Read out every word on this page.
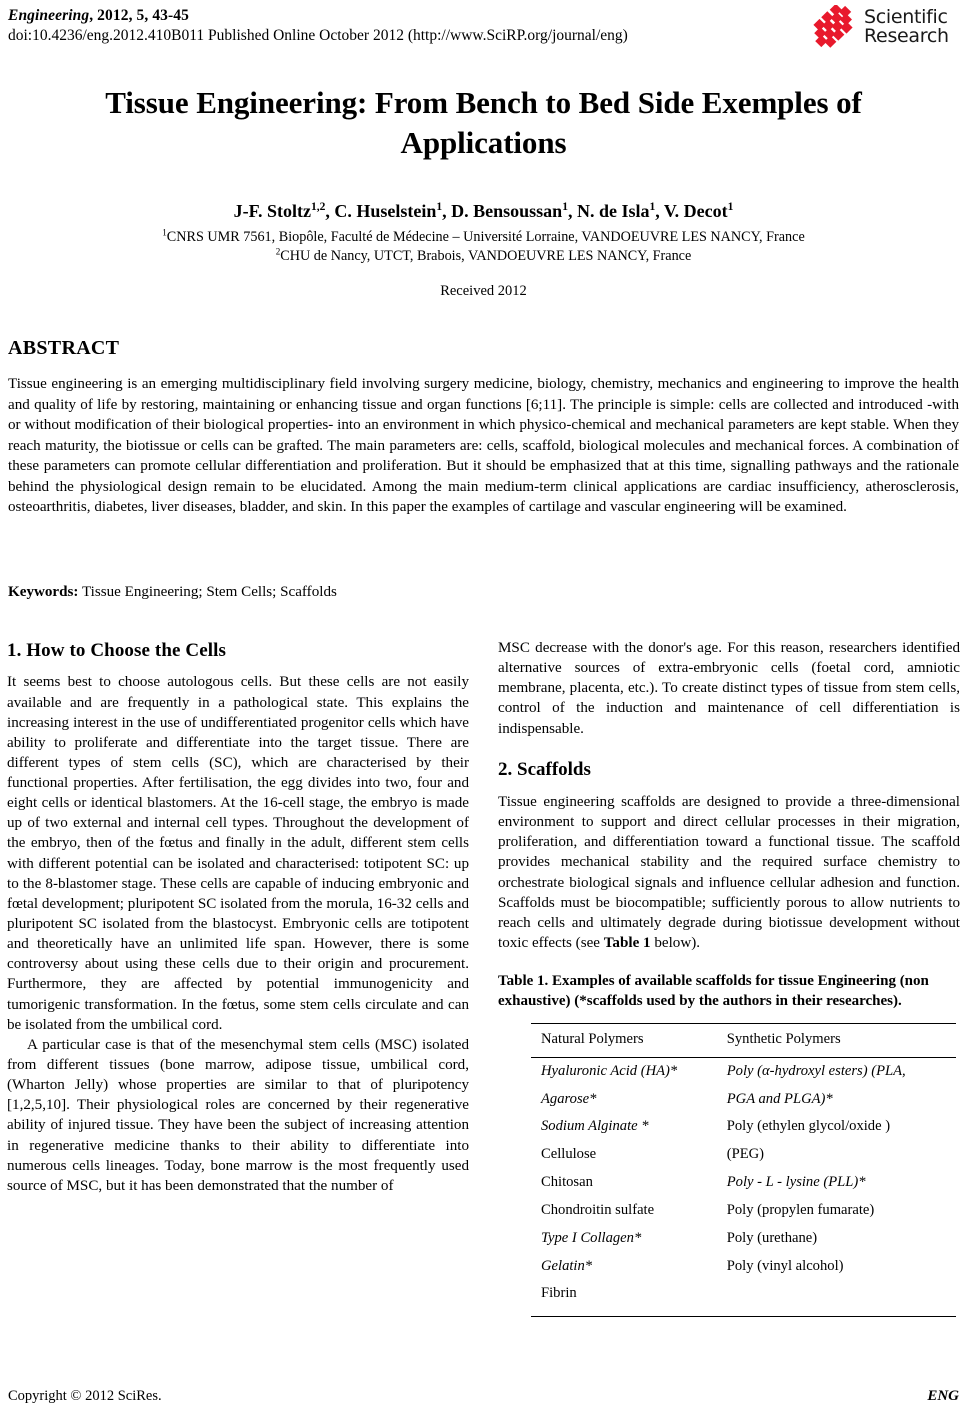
Engineering, 2012, 5, 43-45
doi:10.4236/eng.2012.410B011 Published Online October 2012 (http://www.SciRP.org/journal/eng)
Scientific
Research
Tissue Engineering: From Bench to Bed Side Exemples of Applications
J-F. Stoltz$^{1,2}$, C. Huselstein$^1$, D. Bensoussan$^1$, N. de Isla$^1$, V. Decot$^1$
$^1$CNRS UMR 7561, Biopôle, Faculté de Médecine – Université Lorraine, VANDOEUVRE LES NANCY, France
$^2$CHU de Nancy, UTCT, Brabois, VANDOEUVRE LES NANCY, France
Received 2012
ABSTRACT
Tissue engineering is an emerging multidisciplinary field involving surgery medicine, biology, chemistry, mechanics and engineering to improve the health and quality of life by restoring, maintaining or enhancing tissue and organ functions [6;11]. The principle is simple: cells are collected and introduced -with or without modification of their biological properties- into an environment in which physico-chemical and mechanical parameters are kept stable. When they reach maturity, the biotissue or cells can be grafted. The main parameters are: cells, scaffold, biological molecules and mechanical forces. A combination of these parameters can promote cellular differentiation and proliferation. But it should be emphasized that at this time, signalling pathways and the rationale behind the physiological design remain to be elucidated. Among the main medium-term clinical applications are cardiac insufficiency, atherosclerosis, osteoarthritis, diabetes, liver diseases, bladder, and skin. In this paper the examples of cartilage and vascular engineering will be examined.
Keywords: Tissue Engineering; Stem Cells; Scaffolds
1. How to Choose the Cells

It seems best to choose autologous cells. But these cells are not easily available and are frequently in a pathological state. This explains the increasing interest in the use of undifferentiated progenitor cells which have ability to proliferate and differentiate into the target tissue. There are different types of stem cells (SC), which are characterised by their functional properties. After fertilisation, the egg divides into two, four and eight cells or identical blastomers. At the 16-cell stage, the embryo is made up of two external and internal cell types. Throughout the development of the embryo, then of the fœtus and finally in the adult, different stem cells with different potential can be isolated and characterised: totipotent SC: up to the 8-blastomer stage. These cells are capable of inducing embryonic and fœtal development; pluripotent SC isolated from the morula, 16-32 cells and pluripotent SC isolated from the blastocyst. Embryonic cells are totipotent and theoretically have an unlimited life span. However, there is some controversy about using these cells due to their origin and procurement. Furthermore, they are affected by potential immunogenicity and tumorigenic transformation. In the fœtus, some stem cells circulate and can be isolated from the umbilical cord.

A particular case is that of the mesenchymal stem cells (MSC) isolated from different tissues (bone marrow, adipose tissue, umbilical cord, (Wharton Jelly) whose properties are similar to that of pluripotency [1,2,5,10]. Their physiological roles are concerned by their regenerative ability of injured tissue. They have been the subject of increasing attention in regenerative medicine thanks to their ability to differentiate into numerous cells lineages. Today, bone marrow is the most frequently used source of MSC, but it has been demonstrated that the number of

MSC decrease with the donor's age. For this reason, researchers identified alternative sources of extra-embryonic cells (foetal cord, amniotic membrane, placenta, etc.). To create distinct types of tissue from stem cells, control of the induction and maintenance of cell differentiation is indispensable.

2. Scaffolds

Tissue engineering scaffolds are designed to provide a three-dimensional environment to support and direct cellular processes in their migration, proliferation, and differentiation toward a functional tissue. The scaffold provides mechanical stability and the required surface chemistry to orchestrate biological signals and influence cellular adhesion and function. Scaffolds must be biocompatible; sufficiently porous to allow nutrients to reach cells and ultimately degrade during biotissue development without toxic effects (see Table 1 below).

Table 1. Examples of available scaffolds for tissue Engineering (non exhaustive) (*scaffolds used by the authors in their researches).
Natural Polymers	Synthetic Polymers
Hyaluronic Acid (HA)*	Poly (α-hydroxyl esters) (PLA,
Agarose*	PGA and PLGA)*
Sodium Alginate *	Poly (ethylen glycol/oxide )
Cellulose	(PEG)
Chitosan	Poly - L - lysine (PLL)*
Chondroitin sulfate	Poly (propylen fumarate)
Type I Collagen*	Poly (urethane)
Gelatin*	Poly (vinyl alcohol)
Fibrin	
Copyright © 2012 SciRes.	ENG
